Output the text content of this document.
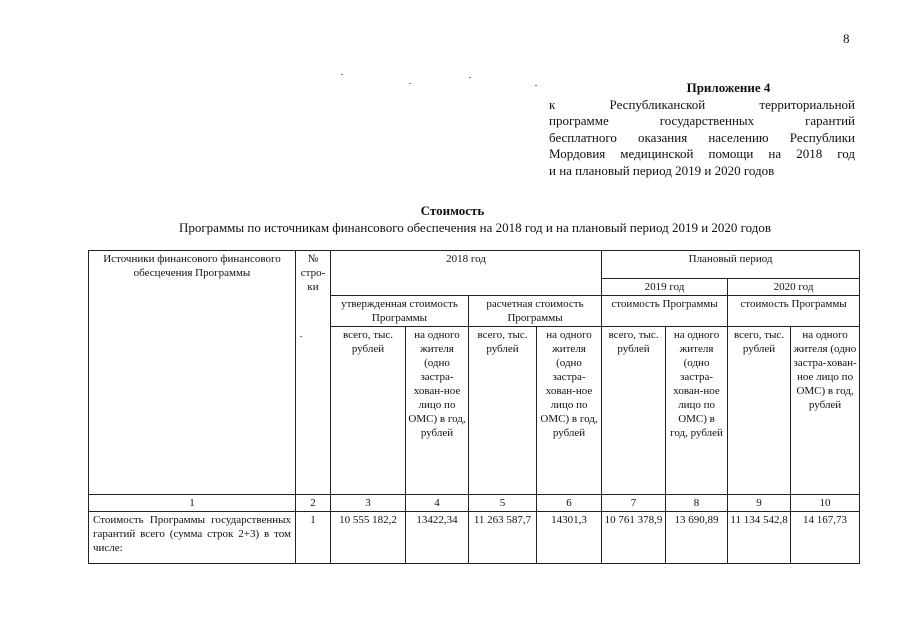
8
Приложение 4
к Республиканской территориальной
программе государственных гарантий
бесплатного оказания населению Республики
Мордовия медицинской помощи на 2018 год
и на плановый период 2019 и 2020 годов
Стоимость
Программы по источникам финансового обеспечения на 2018 год и на плановый период 2019 и 2020 годов
Источники финансового финансового обесцечения Программы	№ стро-ки	2018 год				Плановый период			
						2019 год		2020 год	
		утвержденная стоимость Программы		расчетная стоимость Программы		стоимость Программы		стоимость Программы	
		всего, тыс. рублей	на одного жителя (одно застра-хован-ное лицо по ОМС) в год, рублей	всего, тыс. рублей	на одного жителя (одно застра-хован-ное лицо по ОМС) в год, рублей	всего, тыс. рублей	на одного жителя (одно застра-хован-ное лицо по ОМС) в год, рублей	всего, тыс. рублей	на одного жителя (одно застра-хован-ное лицо по ОМС) в год, рублей
1	2	3	4	5	6	7	8	9	10
Стоимость Программы государственных гарантий всего (сумма строк 2+3) в том числе:	1	10 555 182,2	13422,34	11 263 587,7	14301,3	10 761 378,9	13 690,89	11 134 542,8	14 167,73
